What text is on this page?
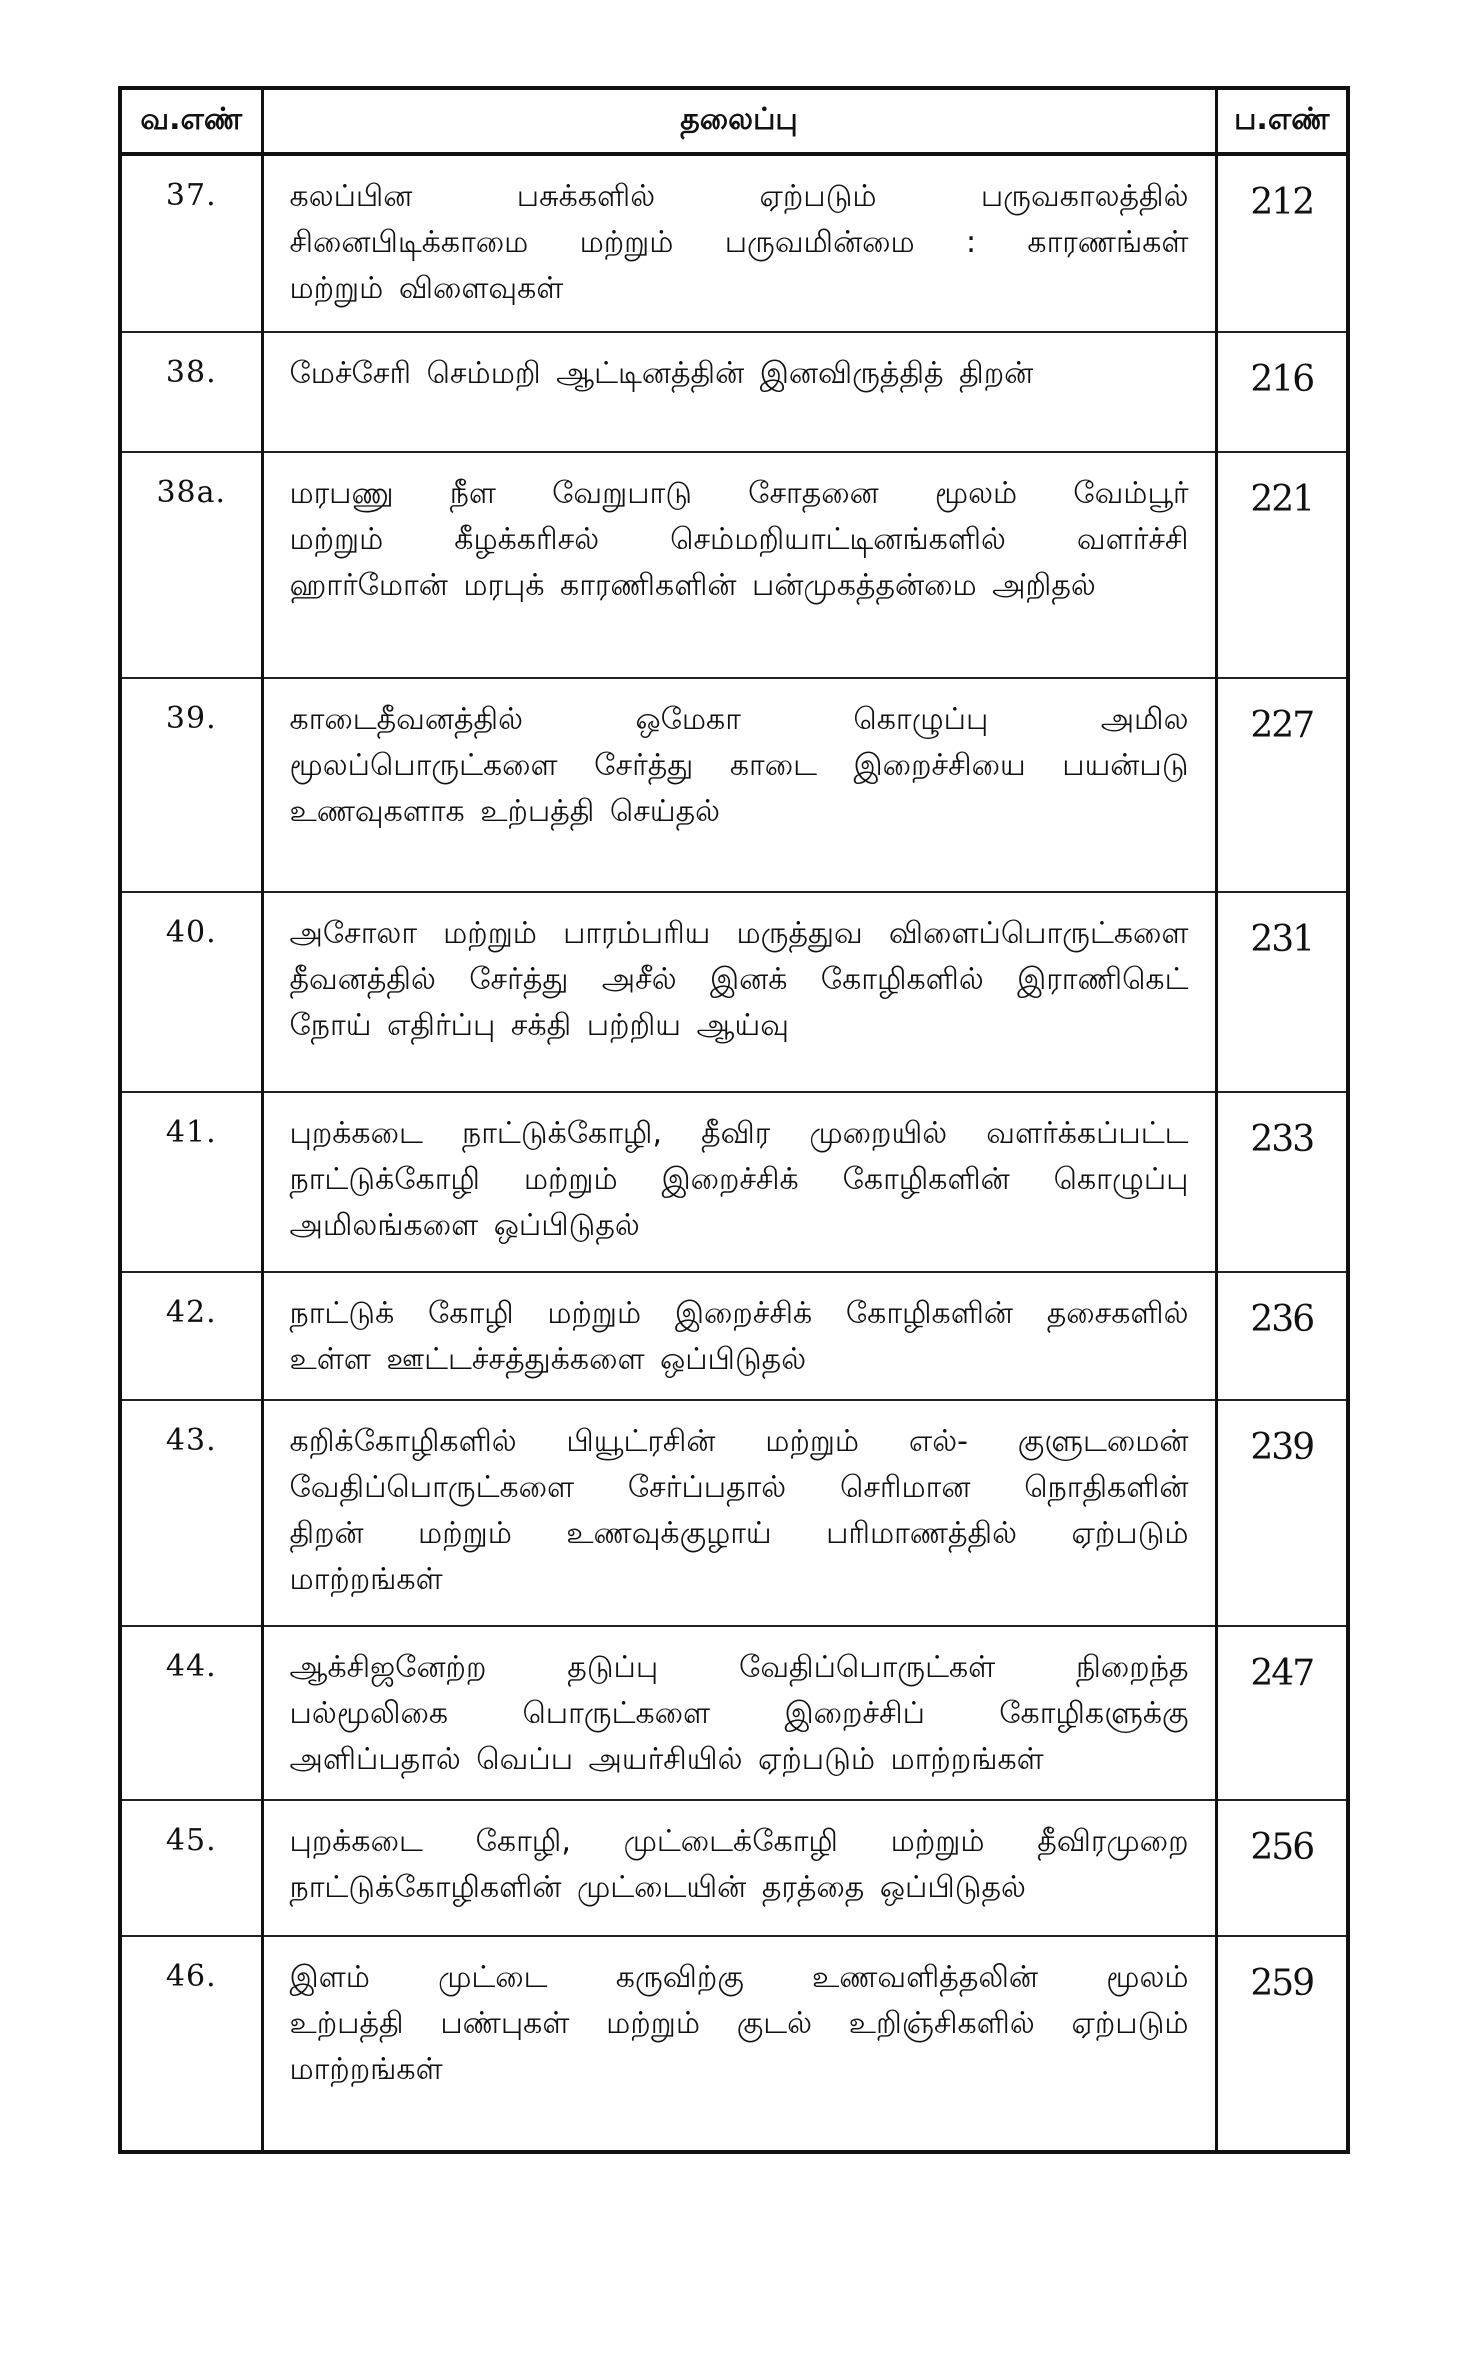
வ.எண்	தலைப்பு	ப.எண்
37.	கலப்பின பசுக்களில் ஏற்படும் பருவகாலத்தில்
சினைபிடிக்காமை மற்றும் பருவமின்மை : காரணங்கள்
மற்றும் விளைவுகள்	212
38.	மேச்சேரி செம்மறி ஆட்டினத்தின் இனவிருத்தித் திறன்	216
38a.	மரபணு நீள வேறுபாடு சோதனை மூலம் வேம்பூர்
மற்றும் கீழக்கரிசல் செம்மறியாட்டினங்களில் வளர்ச்சி
ஹார்மோன் மரபுக் காரணிகளின் பன்முகத்தன்மை அறிதல்	221
39.	காடைதீவனத்தில் ஒமேகா கொழுப்பு அமில
மூலப்பொருட்களை சேர்த்து காடை இறைச்சியை பயன்படு
உணவுகளாக உற்பத்தி செய்தல்	227
40.	அசோலா மற்றும் பாரம்பரிய மருத்துவ விளைப்பொருட்களை
தீவனத்தில் சேர்த்து அசீல் இனக் கோழிகளில் இராணிகெட்
நோய் எதிர்ப்பு சக்தி பற்றிய ஆய்வு	231
41.	புறக்கடை நாட்டுக்கோழி, தீவிர முறையில் வளர்க்கப்பட்ட
நாட்டுக்கோழி மற்றும் இறைச்சிக் கோழிகளின் கொழுப்பு
அமிலங்களை ஒப்பிடுதல்	233
42.	நாட்டுக் கோழி மற்றும் இறைச்சிக் கோழிகளின் தசைகளில்
உள்ள ஊட்டச்சத்துக்களை ஒப்பிடுதல்	236
43.	கறிக்கோழிகளில் பியூட்ரசின் மற்றும் எல்- குளுடமைன்
வேதிப்பொருட்களை சேர்ப்பதால் செரிமான நொதிகளின்
திறன் மற்றும் உணவுக்குழாய் பரிமாணத்தில் ஏற்படும்
மாற்றங்கள்	239
44.	ஆக்சிஜனேற்ற தடுப்பு வேதிப்பொருட்கள் நிறைந்த
பல்மூலிகை பொருட்களை இறைச்சிப் கோழிகளுக்கு
அளிப்பதால் வெப்ப அயர்சியில் ஏற்படும் மாற்றங்கள்	247
45.	புறக்கடை கோழி, முட்டைக்கோழி மற்றும் தீவிரமுறை
நாட்டுக்கோழிகளின் முட்டையின் தரத்தை ஒப்பிடுதல்	256
46.	இளம் முட்டை கருவிற்கு உணவளித்தலின் மூலம்
உற்பத்தி பண்புகள் மற்றும் குடல் உறிஞ்சிகளில் ஏற்படும்
மாற்றங்கள்	259
